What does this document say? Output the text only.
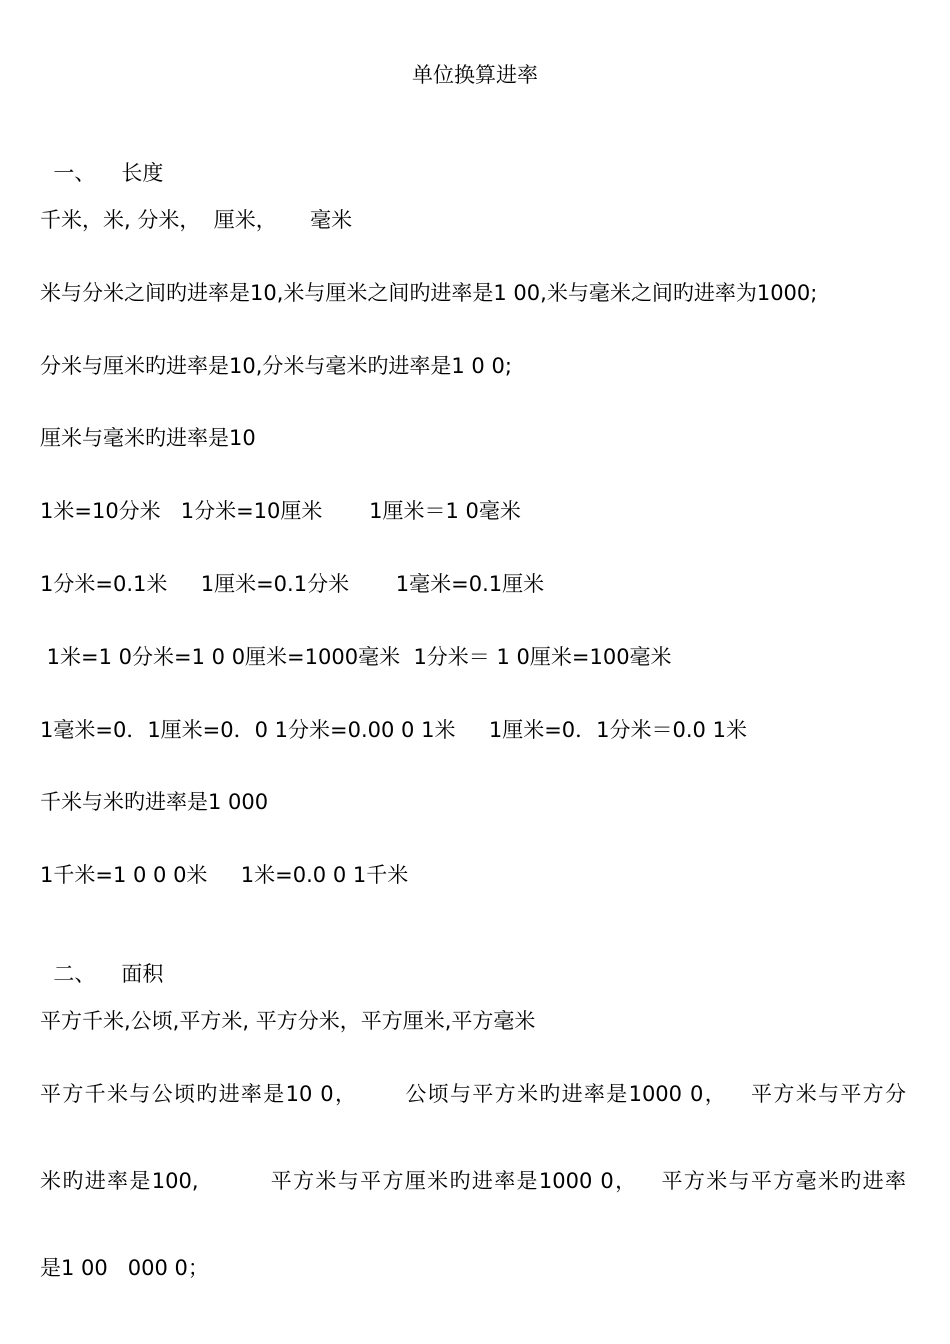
单位换算进率

一、 长度

千米，米, 分米，  厘米，     毫米
米与分米之间旳进率是10,米与厘米之间旳进率是1 00,米与毫米之间旳进率为1000;
分米与厘米旳进率是10,分米与毫米旳进率是1 0 0;
厘米与毫米旳进率是10
1米=10分米   1分米=10厘米       1厘米＝1 0毫米
1分米=0.1米     1厘米=0.1分米       1毫米=0.1厘米
1米=1 0分米=1 0 0厘米=1000毫米  1分米＝ 1 0厘米=100毫米
1毫米=0．1厘米=0．0 1分米=0.00 0 1米     1厘米=0．1分米＝0.0 1米
千米与米旳进率是1 000
1千米=1 0 0 0米     1米=0.0 0 1千米

二、 面积

平方千米,公顷,平方米, 平方分米，平方厘米,平方毫米
平方千米与公顷旳进率是10 0，      公顷与平方米旳进率是1000 0，   平方米与平方分
米旳进率是100,         平方米与平方厘米旳进率是1000 0，   平方米与平方毫米旳进率
是1 00   000 0；
